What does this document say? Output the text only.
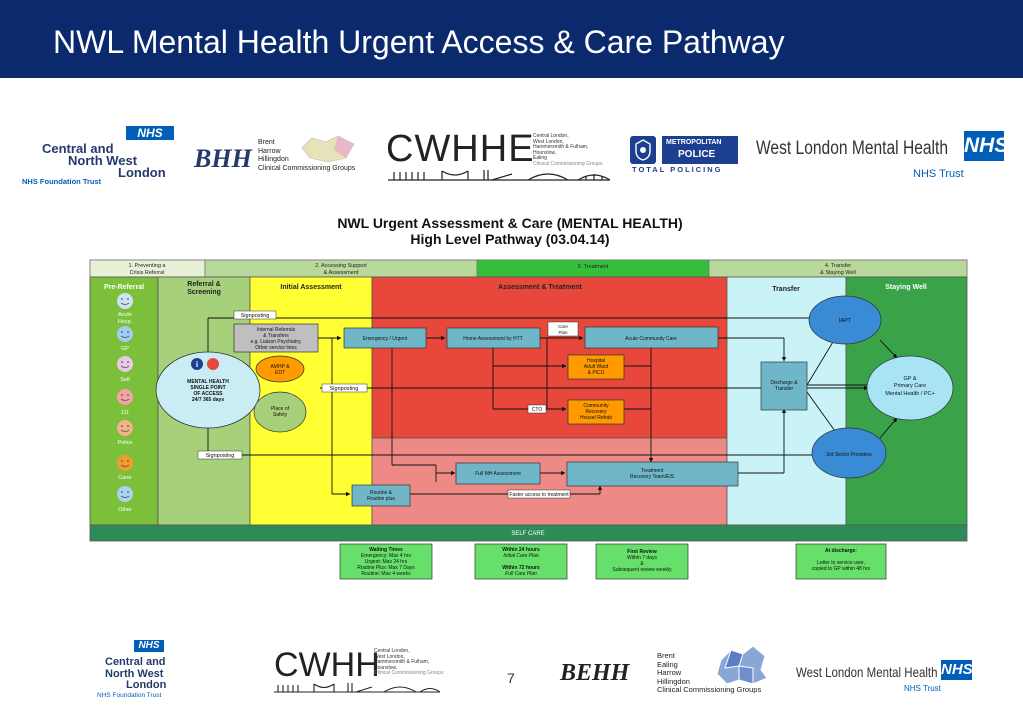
NWL Mental Health Urgent Access & Care Pathway
NHS
Central and
North West
London
NHS Foundation Trust
BHH
Brent
Harrow
Hillingdon
Clinical Commissioning Groups CWHHE
Central London,
West London,
Hammersmith & Fulham,
Hounslow,
Ealing
Clinical Commissioning Groups
METROPOLITAN
POLICE
TOTAL POLICING
West London Mental Health NHS
NHS Trust
NWL Urgent Assessment & Care (MENTAL HEALTH)
High Level Pathway (03.04.14)
1. Preventing a
Crisis Referral
2. Accessing Support
& Assessment
3. Treatment	4. Transfer
& Staying Well
Pre-Referral	Referral &
Screening
Initial Assessment	Assessment & Treatment	Transfer	Staying Well
SELF CARE
Acute
Hosp.
GP
Self
111
Police
Carer
Other
i
MENTAL HEALTH
SINGLE POINT
OF ACCESS
24/7 365 days
Signposting
Signposting
Signposting
Internal Referrals
& Transfers
e.g. Liaison Psychiatry,
Other service lines
AMHP &
EDT
Place of
Safety
Emergency / Urgent	Home Assessment by HTT
Care
Plan
Acute Community Care
Hospital
Adult Ward
& PICU
CTO
Community
Recovery
House/ Rehab
Full MH Assessment	Treatment
Recovery Team/EIS
Routine &
Routine plus
Faster access to treatment
Discharge &
Transfer
IAPT
GP &
Primary Care
Mental Health / PC+
3rd Sector Providers
Waiting Times
Emergency: Max 4 hrs
Urgent: Max 24 hrs
Routine Plus: Max 7 Days
Routine: Max 4 weeks
Within 24 hours
Initial Care Plan
Within 72 hours
Full Care Plan
First Review
Within 7 days
&
Subsequent review weekly
At discharge:
Letter to service user,
copied to GP within 48 hrs
NHS
Central and
North West
London
NHS Foundation Trust
CWHH
Central London,
West London,
Hammersmith & Fulham,
Hounslow,
Clinical Commissioning Groups	7 BEHH
Brent
Ealing
Harrow
Hillingdon
Clinical Commissioning Groups
West London Mental Health NHS
NHS Trust
